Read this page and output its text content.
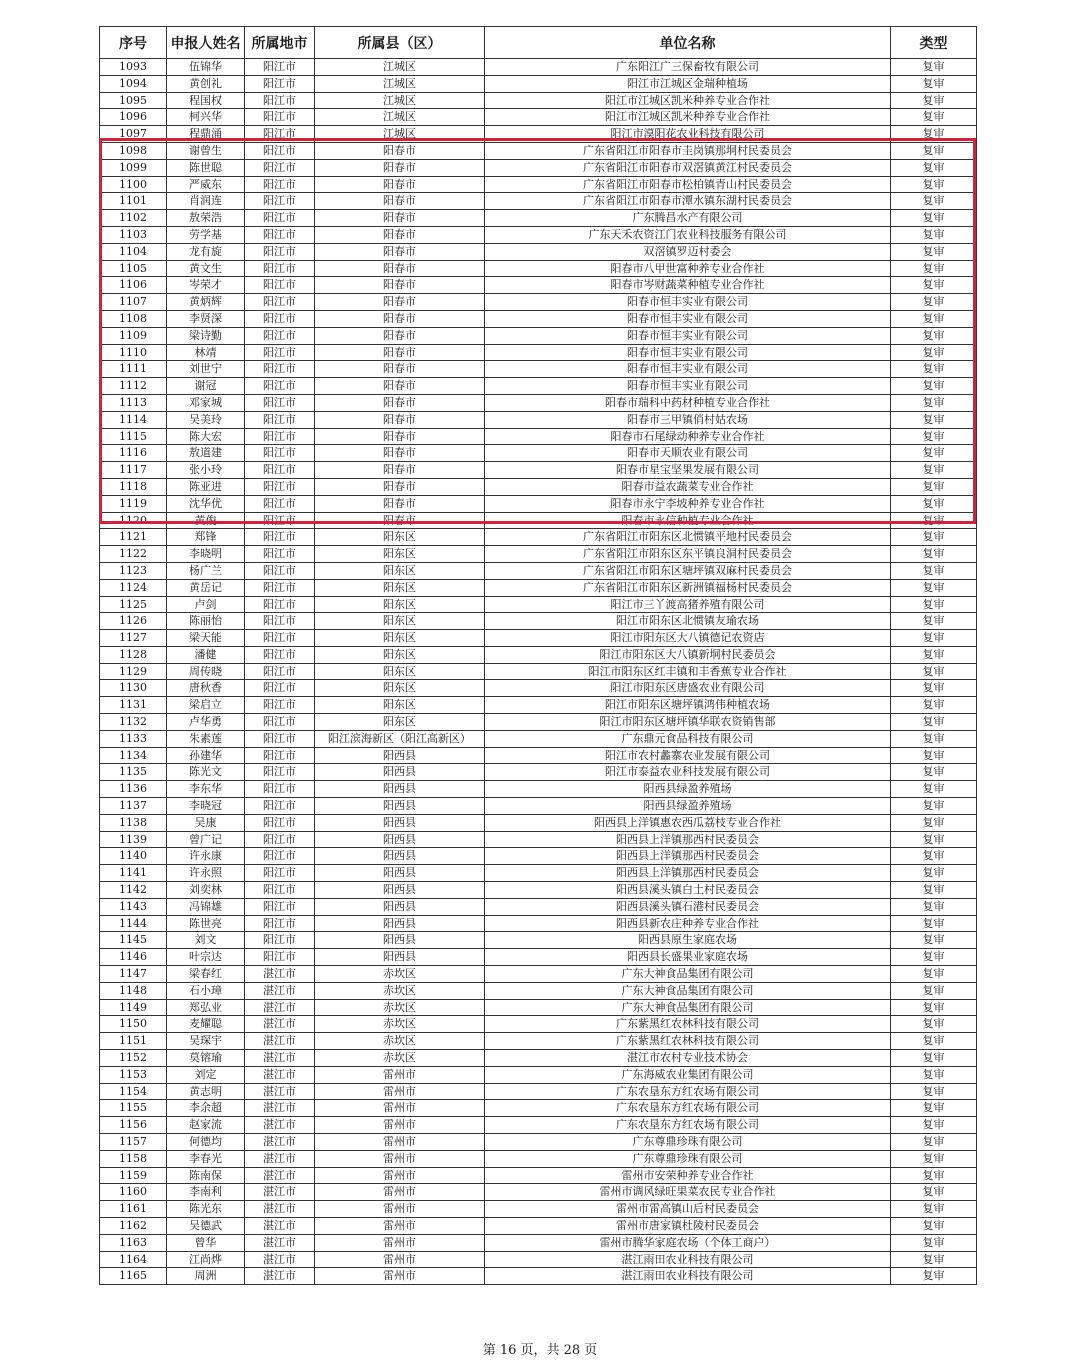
序号	申报人姓名	所属地市	所属县（区）	单位名称	类型
1093	伍锦华	阳江市	江城区	广东阳江广三保畜牧有限公司	复审
1094	黄创礼	阳江市	江城区	阳江市江城区金瑞种植场	复审
1095	程国权	阳江市	江城区	阳江市江城区凯米种养专业合作社	复审
1096	柯兴华	阳江市	江城区	阳江市江城区凯米种养专业合作社	复审
1097	程鼎涌	阳江市	江城区	阳江市漠阳花农业科技有限公司	复审
1098	谢曾生	阳江市	阳春市	广东省阳江市阳春市圭岗镇那垌村民委员会	复审
1099	陈世聪	阳江市	阳春市	广东省阳江市阳春市双滘镇黄江村民委员会	复审
1100	严威东	阳江市	阳春市	广东省阳江市阳春市松柏镇青山村民委员会	复审
1101	肖润连	阳江市	阳春市	广东省阳江市阳春市潭水镇东湖村民委员会	复审
1102	敖荣浩	阳江市	阳春市	广东腾昌水产有限公司	复审
1103	劳学基	阳江市	阳春市	广东天禾农资江门农业科技服务有限公司	复审
1104	龙有旋	阳江市	阳春市	双滘镇罗迈村委会	复审
1105	黄文生	阳江市	阳春市	阳春市八甲世富种养专业合作社	复审
1106	岑荣才	阳江市	阳春市	阳春市岑财蔬菜种植专业合作社	复审
1107	黄炳辉	阳江市	阳春市	阳春市恒丰实业有限公司	复审
1108	李贤深	阳江市	阳春市	阳春市恒丰实业有限公司	复审
1109	梁诗勤	阳江市	阳春市	阳春市恒丰实业有限公司	复审
1110	林靖	阳江市	阳春市	阳春市恒丰实业有限公司	复审
1111	刘世宁	阳江市	阳春市	阳春市恒丰实业有限公司	复审
1112	谢冠	阳江市	阳春市	阳春市恒丰实业有限公司	复审
1113	邓家城	阳江市	阳春市	阳春市瑞科中药材种植专业合作社	复审
1114	吴美玲	阳江市	阳春市	阳春市三甲镇俏村姑农场	复审
1115	陈大宏	阳江市	阳春市	阳春市石尾绿动种养专业合作社	复审
1116	敖道建	阳江市	阳春市	阳春市天顺农业有限公司	复审
1117	张小玲	阳江市	阳春市	阳春市星宝坚果发展有限公司	复审
1118	陈亚进	阳江市	阳春市	阳春市益农蔬菜专业合作社	复审
1119	沈华优	阳江市	阳春市	阳春市永宁李坡种养专业合作社	复审
1120	黄俊	阳江市	阳春市	阳春市永信种植专业合作社	复审
1121	郑锋	阳江市	阳东区	广东省阳江市阳东区北惯镇平地村民委员会	复审
1122	李晓明	阳江市	阳东区	广东省阳江市阳东区东平镇良洞村民委员会	复审
1123	杨广兰	阳江市	阳东区	广东省阳江市阳东区塘坪镇双麻村民委员会	复审
1124	黄岳记	阳江市	阳东区	广东省阳江市阳东区新洲镇福杨村民委员会	复审
1125	卢剑	阳江市	阳东区	阳江市三丫渡高猪养殖有限公司	复审
1126	陈丽怡	阳江市	阳东区	阳江市阳东区北惯镇友瑜农场	复审
1127	梁天能	阳江市	阳东区	阳江市阳东区大八镇德记农资店	复审
1128	潘健	阳江市	阳东区	阳江市阳东区大八镇新垌村民委员会	复审
1129	周传晓	阳江市	阳东区	阳江市阳东区红丰镇和丰香蕉专业合作社	复审
1130	唐秋香	阳江市	阳东区	阳江市阳东区唐盛农业有限公司	复审
1131	梁启立	阳江市	阳东区	阳江市阳东区塘坪镇鸿伟种植农场	复审
1132	卢华勇	阳江市	阳东区	阳江市阳东区塘坪镇华联农资销售部	复审
1133	朱素莲	阳江市	阳江滨海新区（阳江高新区）	广东鼎元食品科技有限公司	复审
1134	孙建华	阳江市	阳西县	阳江市农村蠡寨农业发展有限公司	复审
1135	陈光文	阳江市	阳西县	阳江市泰益农业科技发展有限公司	复审
1136	李东华	阳江市	阳西县	阳西县绿盈养殖场	复审
1137	李晓冠	阳江市	阳西县	阳西县绿盈养殖场	复审
1138	吴康	阳江市	阳西县	阳西县上洋镇惠农西瓜荔枝专业合作社	复审
1139	曾广记	阳江市	阳西县	阳西县上洋镇那西村民委员会	复审
1140	许永康	阳江市	阳西县	阳西县上洋镇那西村民委员会	复审
1141	许永照	阳江市	阳西县	阳西县上洋镇那西村民委员会	复审
1142	刘奕林	阳江市	阳西县	阳西县溪头镇白土村民委员会	复审
1143	冯锦雄	阳江市	阳西县	阳西县溪头镇石港村民委员会	复审
1144	陈世亮	阳江市	阳西县	阳西县新农庄种养专业合作社	复审
1145	刘文	阳江市	阳西县	阳西县原生家庭农场	复审
1146	叶宗达	阳江市	阳西县	阳西县长盛果业家庭农场	复审
1147	梁春红	湛江市	赤坎区	广东大神食品集团有限公司	复审
1148	石小璋	湛江市	赤坎区	广东大神食品集团有限公司	复审
1149	郑弘业	湛江市	赤坎区	广东大神食品集团有限公司	复审
1150	麦耀聪	湛江市	赤坎区	广东紫黑红农林科技有限公司	复审
1151	吴琛宇	湛江市	赤坎区	广东紫黑红农林科技有限公司	复审
1152	莫镕瑜	湛江市	赤坎区	湛江市农村专业技术协会	复审
1153	刘定	湛江市	雷州市	广东海威农业集团有限公司	复审
1154	黄志明	湛江市	雷州市	广东农垦东方红农场有限公司	复审
1155	李余超	湛江市	雷州市	广东农垦东方红农场有限公司	复审
1156	赵家流	湛江市	雷州市	广东农垦东方红农场有限公司	复审
1157	何德均	湛江市	雷州市	广东尊鼎珍珠有限公司	复审
1158	李春光	湛江市	雷州市	广东尊鼎珍珠有限公司	复审
1159	陈南保	湛江市	雷州市	雷州市安荣种养专业合作社	复审
1160	李南利	湛江市	雷州市	雷州市调风绿旺果菜农民专业合作社	复审
1161	陈光东	湛江市	雷州市	雷州市雷高镇山后村民委员会	复审
1162	吴德武	湛江市	雷州市	雷州市唐家镇杜陵村民委员会	复审
1163	曾华	湛江市	雷州市	雷州市腾华家庭农场（个体工商户）	复审
1164	江尚烨	湛江市	雷州市	湛江雨田农业科技有限公司	复审
1165	周洲	湛江市	雷州市	湛江雨田农业科技有限公司	复审
第 16 页，共 28 页
